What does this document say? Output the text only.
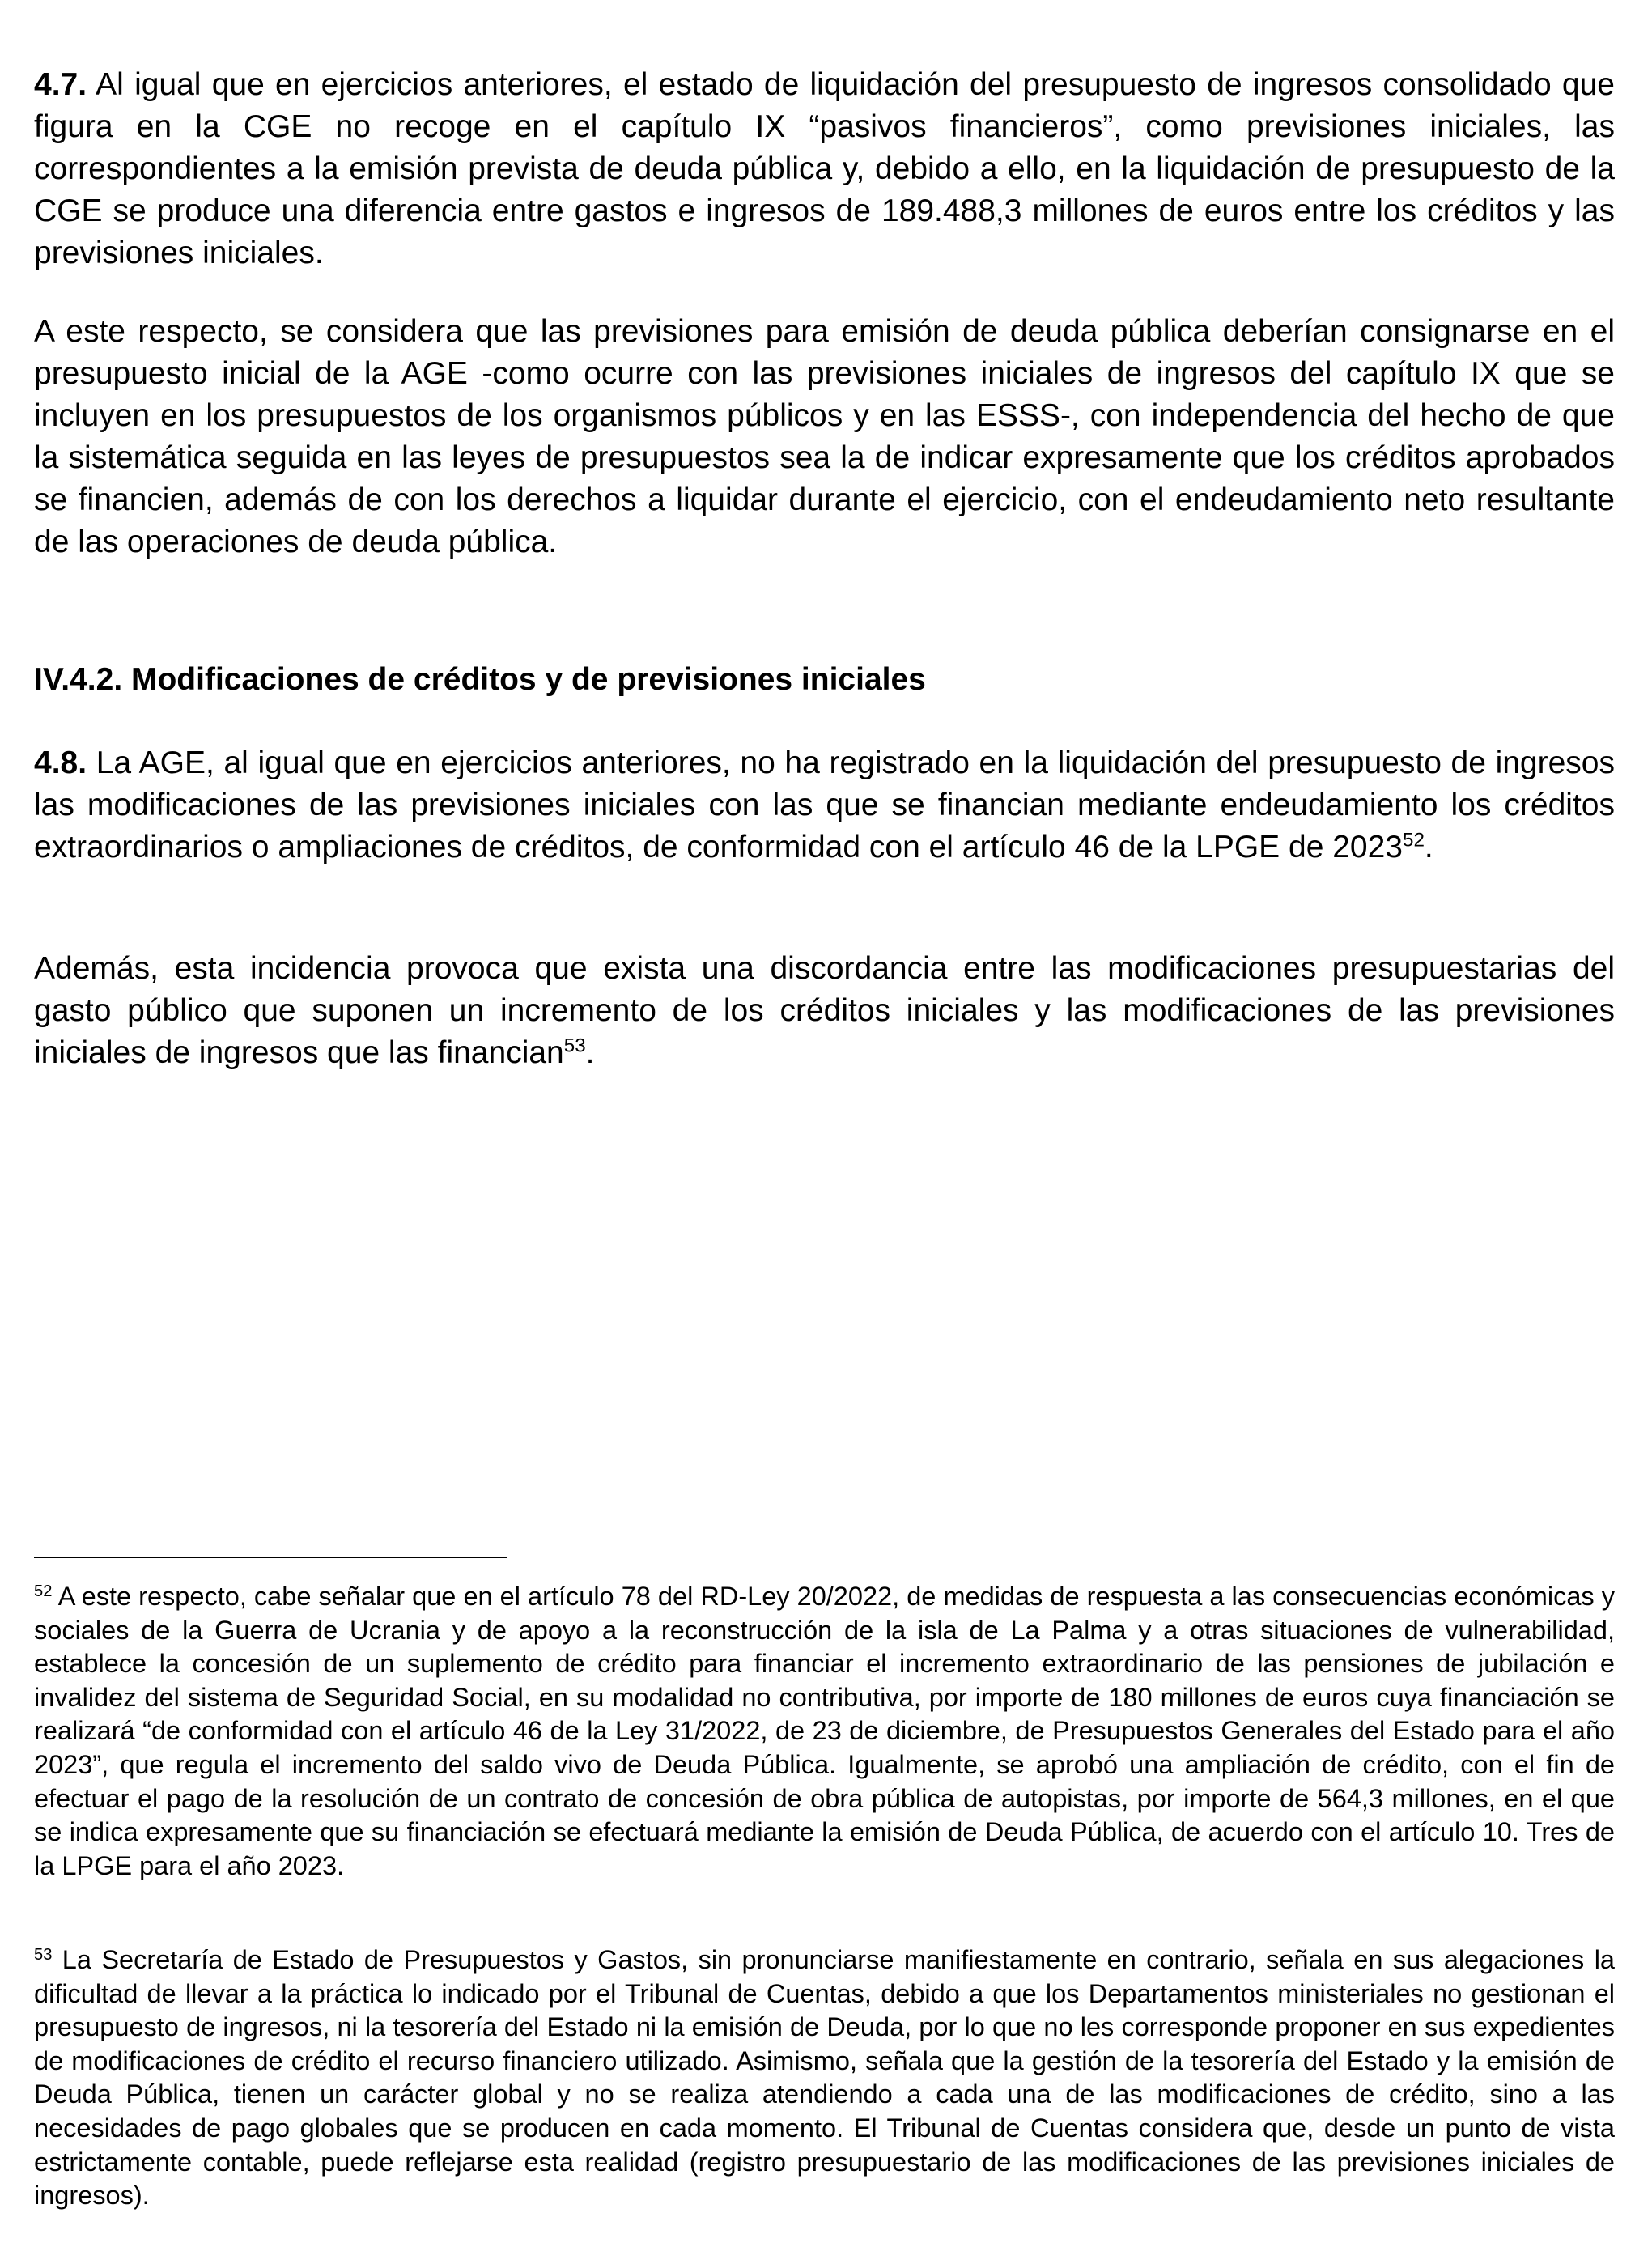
4.7. Al igual que en ejercicios anteriores, el estado de liquidación del presupuesto de ingresos consolidado que figura en la CGE no recoge en el capítulo IX “pasivos financieros”, como previsiones iniciales, las correspondientes a la emisión prevista de deuda pública y, debido a ello, en la liquidación de presupuesto de la CGE se produce una diferencia entre gastos e ingresos de 189.488,3 millones de euros entre los créditos y las previsiones iniciales.

A este respecto, se considera que las previsiones para emisión de deuda pública deberían consignarse en el presupuesto inicial de la AGE -como ocurre con las previsiones iniciales de ingresos del capítulo IX que se incluyen en los presupuestos de los organismos públicos y en las ESSS-, con independencia del hecho de que la sistemática seguida en las leyes de presupuestos sea la de indicar expresamente que los créditos aprobados se financien, además de con los derechos a liquidar durante el ejercicio, con el endeudamiento neto resultante de las operaciones de deuda pública.

IV.4.2. Modificaciones de créditos y de previsiones iniciales

4.8. La AGE, al igual que en ejercicios anteriores, no ha registrado en la liquidación del presupuesto de ingresos las modificaciones de las previsiones iniciales con las que se financian mediante endeudamiento los créditos extraordinarios o ampliaciones de créditos, de conformidad con el artículo 46 de la LPGE de 2023$^{52}$.

Además, esta incidencia provoca que exista una discordancia entre las modificaciones presupuestarias del gasto público que suponen un incremento de los créditos iniciales y las modificaciones de las previsiones iniciales de ingresos que las financian$^{53}$.

$^{52}$ A este respecto, cabe señalar que en el artículo 78 del RD-Ley 20/2022, de medidas de respuesta a las consecuencias económicas y sociales de la Guerra de Ucrania y de apoyo a la reconstrucción de la isla de La Palma y a otras situaciones de vulnerabilidad, establece la concesión de un suplemento de crédito para financiar el incremento extraordinario de las pensiones de jubilación e invalidez del sistema de Seguridad Social, en su modalidad no contributiva, por importe de 180 millones de euros cuya financiación se realizará “de conformidad con el artículo 46 de la Ley 31/2022, de 23 de diciembre, de Presupuestos Generales del Estado para el año 2023”, que regula el incremento del saldo vivo de Deuda Pública. Igualmente, se aprobó una ampliación de crédito, con el fin de efectuar el pago de la resolución de un contrato de concesión de obra pública de autopistas, por importe de 564,3 millones, en el que se indica expresamente que su financiación se efectuará mediante la emisión de Deuda Pública, de acuerdo con el artículo 10. Tres de la LPGE para el año 2023.

$^{53}$ La Secretaría de Estado de Presupuestos y Gastos, sin pronunciarse manifiestamente en contrario, señala en sus alegaciones la dificultad de llevar a la práctica lo indicado por el Tribunal de Cuentas, debido a que los Departamentos ministeriales no gestionan el presupuesto de ingresos, ni la tesorería del Estado ni la emisión de Deuda, por lo que no les corresponde proponer en sus expedientes de modificaciones de crédito el recurso financiero utilizado. Asimismo, señala que la gestión de la tesorería del Estado y la emisión de Deuda Pública, tienen un carácter global y no se realiza atendiendo a cada una de las modificaciones de crédito, sino a las necesidades de pago globales que se producen en cada momento. El Tribunal de Cuentas considera que, desde un punto de vista estrictamente contable, puede reflejarse esta realidad (registro presupuestario de las modificaciones de las previsiones iniciales de ingresos).
